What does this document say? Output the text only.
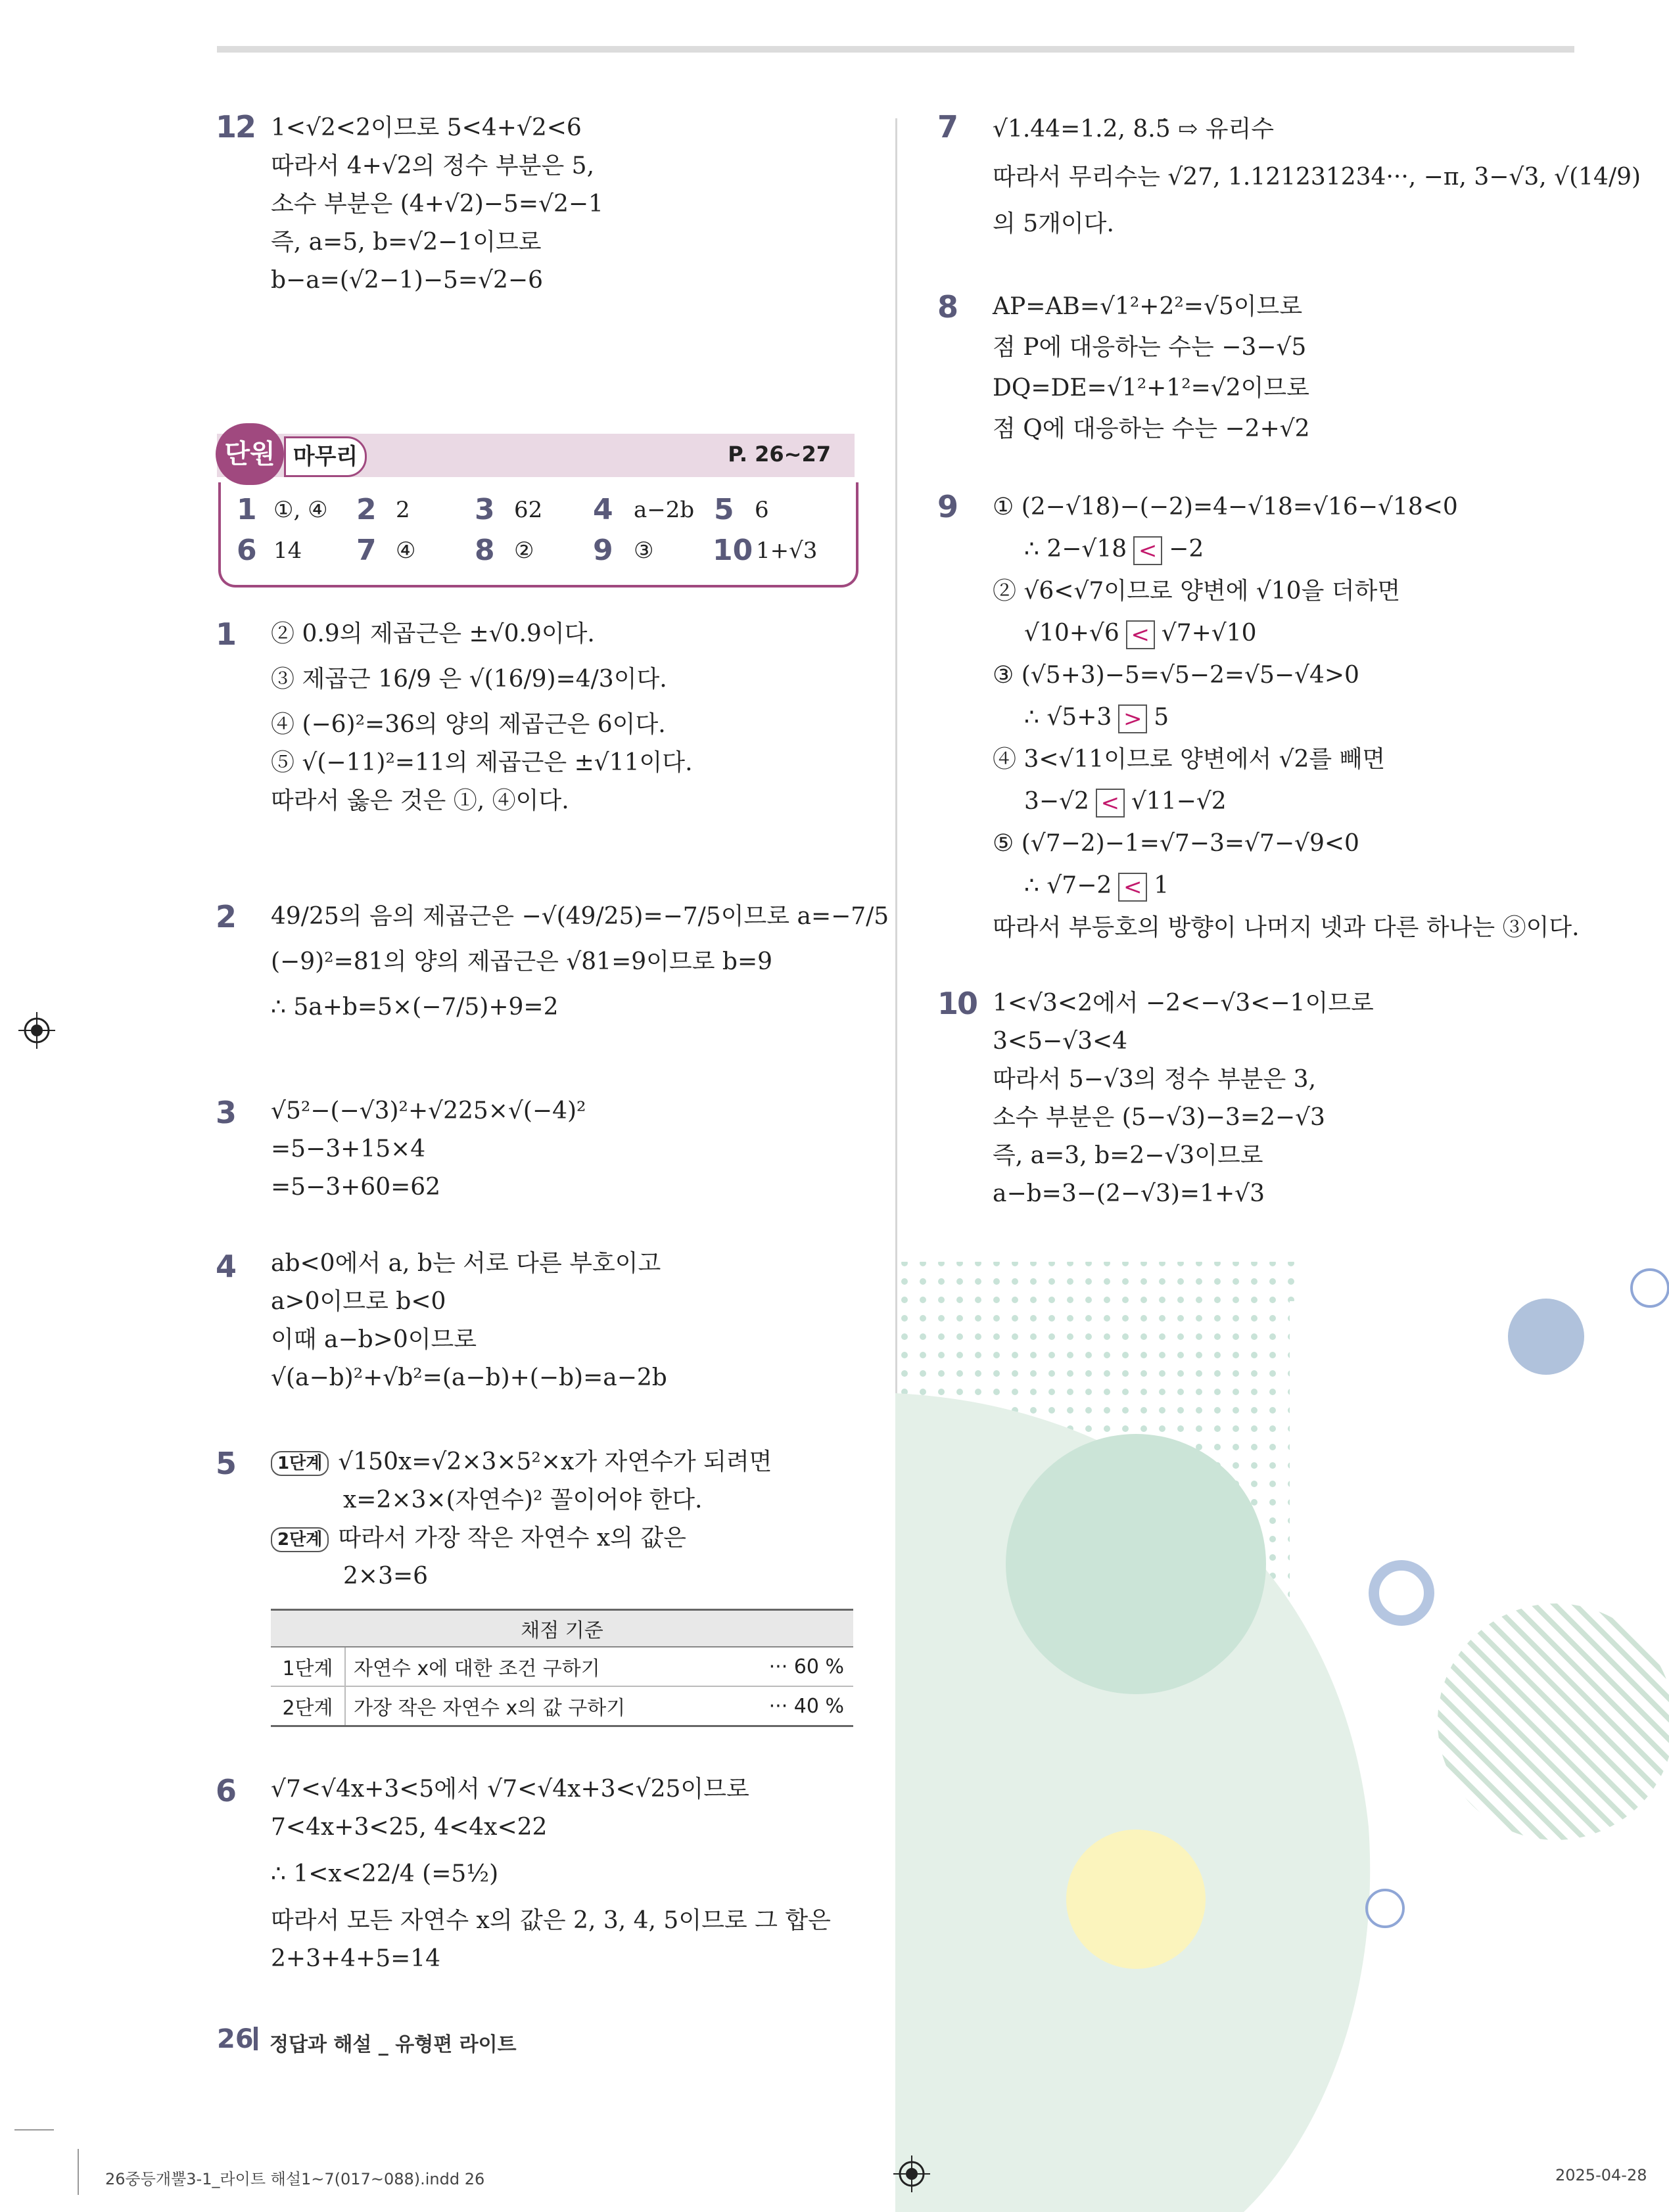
12 1<√2<2이므로 5<4+√2<6
따라서 4+√2의 정수 부분은 5,
소수 부분은 (4+√2)−5=√2−1
즉, a=5, b=√2−1이므로
b−a=(√2−1)−5=√2−6
마무리
단원	P. 26~27
1 ①, ④ 2 2 3 62 4 a−2b 5 6
6 14 7 ④ 8 ② 9 ③ 10 1+√3
1 ② 0.9의 제곱근은 ±√0.9이다.
③ 제곱근 16/9 은 √(16/9)=4/3이다.
④ (−6)²=36의 양의 제곱근은 6이다.
⑤ √(−11)²=11의 제곱근은 ±√11이다.
따라서 옳은 것은 ①, ④이다.
2 49/25의 음의 제곱근은 −√(49/25)=−7/5이므로 a=−7/5
(−9)²=81의 양의 제곱근은 √81=9이므로 b=9
∴ 5a+b=5×(−7/5)+9=2
3 √5²−(−√3)²+√225×√(−4)²
=5−3+15×4
=5−3+60=62
4 ab<0에서 a, b는 서로 다른 부호이고
a>0이므로 b<0
이때 a−b>0이므로
√(a−b)²+√b²=(a−b)+(−b)=a−2b
5	1단계 √150x=√2×3×5²×x가 자연수가 되려면
x=2×3×(자연수)² 꼴이어야 한다.
2단계 따라서 가장 작은 자연수 x의 값은
2×3=6
채점 기준		
1단계	자연수 x에 대한 조건 구하기	··· 60 %
2단계	가장 작은 자연수 x의 값 구하기	··· 40 %
6 √7<√4x+3<5에서 √7<√4x+3<√25이므로
7<4x+3<25, 4<4x<22
∴ 1<x<22/4 (=5½)
따라서 모든 자연수 x의 값은 2, 3, 4, 5이므로 그 합은
2+3+4+5=14
7 √1.44=1.2, 8.5̇ ⇨ 유리수
따라서 무리수는 √27, 1.121231234···, −π, 3−√3, √(14/9)
의 5개이다.
8 AP=AB=√1²+2²=√5이므로
점 P에 대응하는 수는 −3−√5
DQ=DE=√1²+1²=√2이므로
점 Q에 대응하는 수는 −2+√2
9 ① (2−√18)−(−2)=4−√18=√16−√18<0
∴ 2−√18 < −2
② √6<√7이므로 양변에 √10을 더하면
√10+√6 < √7+√10
③ (√5+3)−5=√5−2=√5−√4>0
∴ √5+3 > 5
④ 3<√11이므로 양변에서 √2를 빼면
3−√2 < √11−√2
⑤ (√7−2)−1=√7−3=√7−√9<0
∴ √7−2 < 1
따라서 부등호의 방향이 나머지 넷과 다른 하나는 ③이다.
10 1<√3<2에서 −2<−√3<−1이므로
3<5−√3<4
따라서 5−√3의 정수 부분은 3,
소수 부분은 (5−√3)−3=2−√3
즉, a=3, b=2−√3이므로
a−b=3−(2−√3)=1+√3
26 정답과 해설 _ 유형편 라이트
26중등개뿔3-1_라이트 해설1~7(017~088).indd 26	2025-04-28
